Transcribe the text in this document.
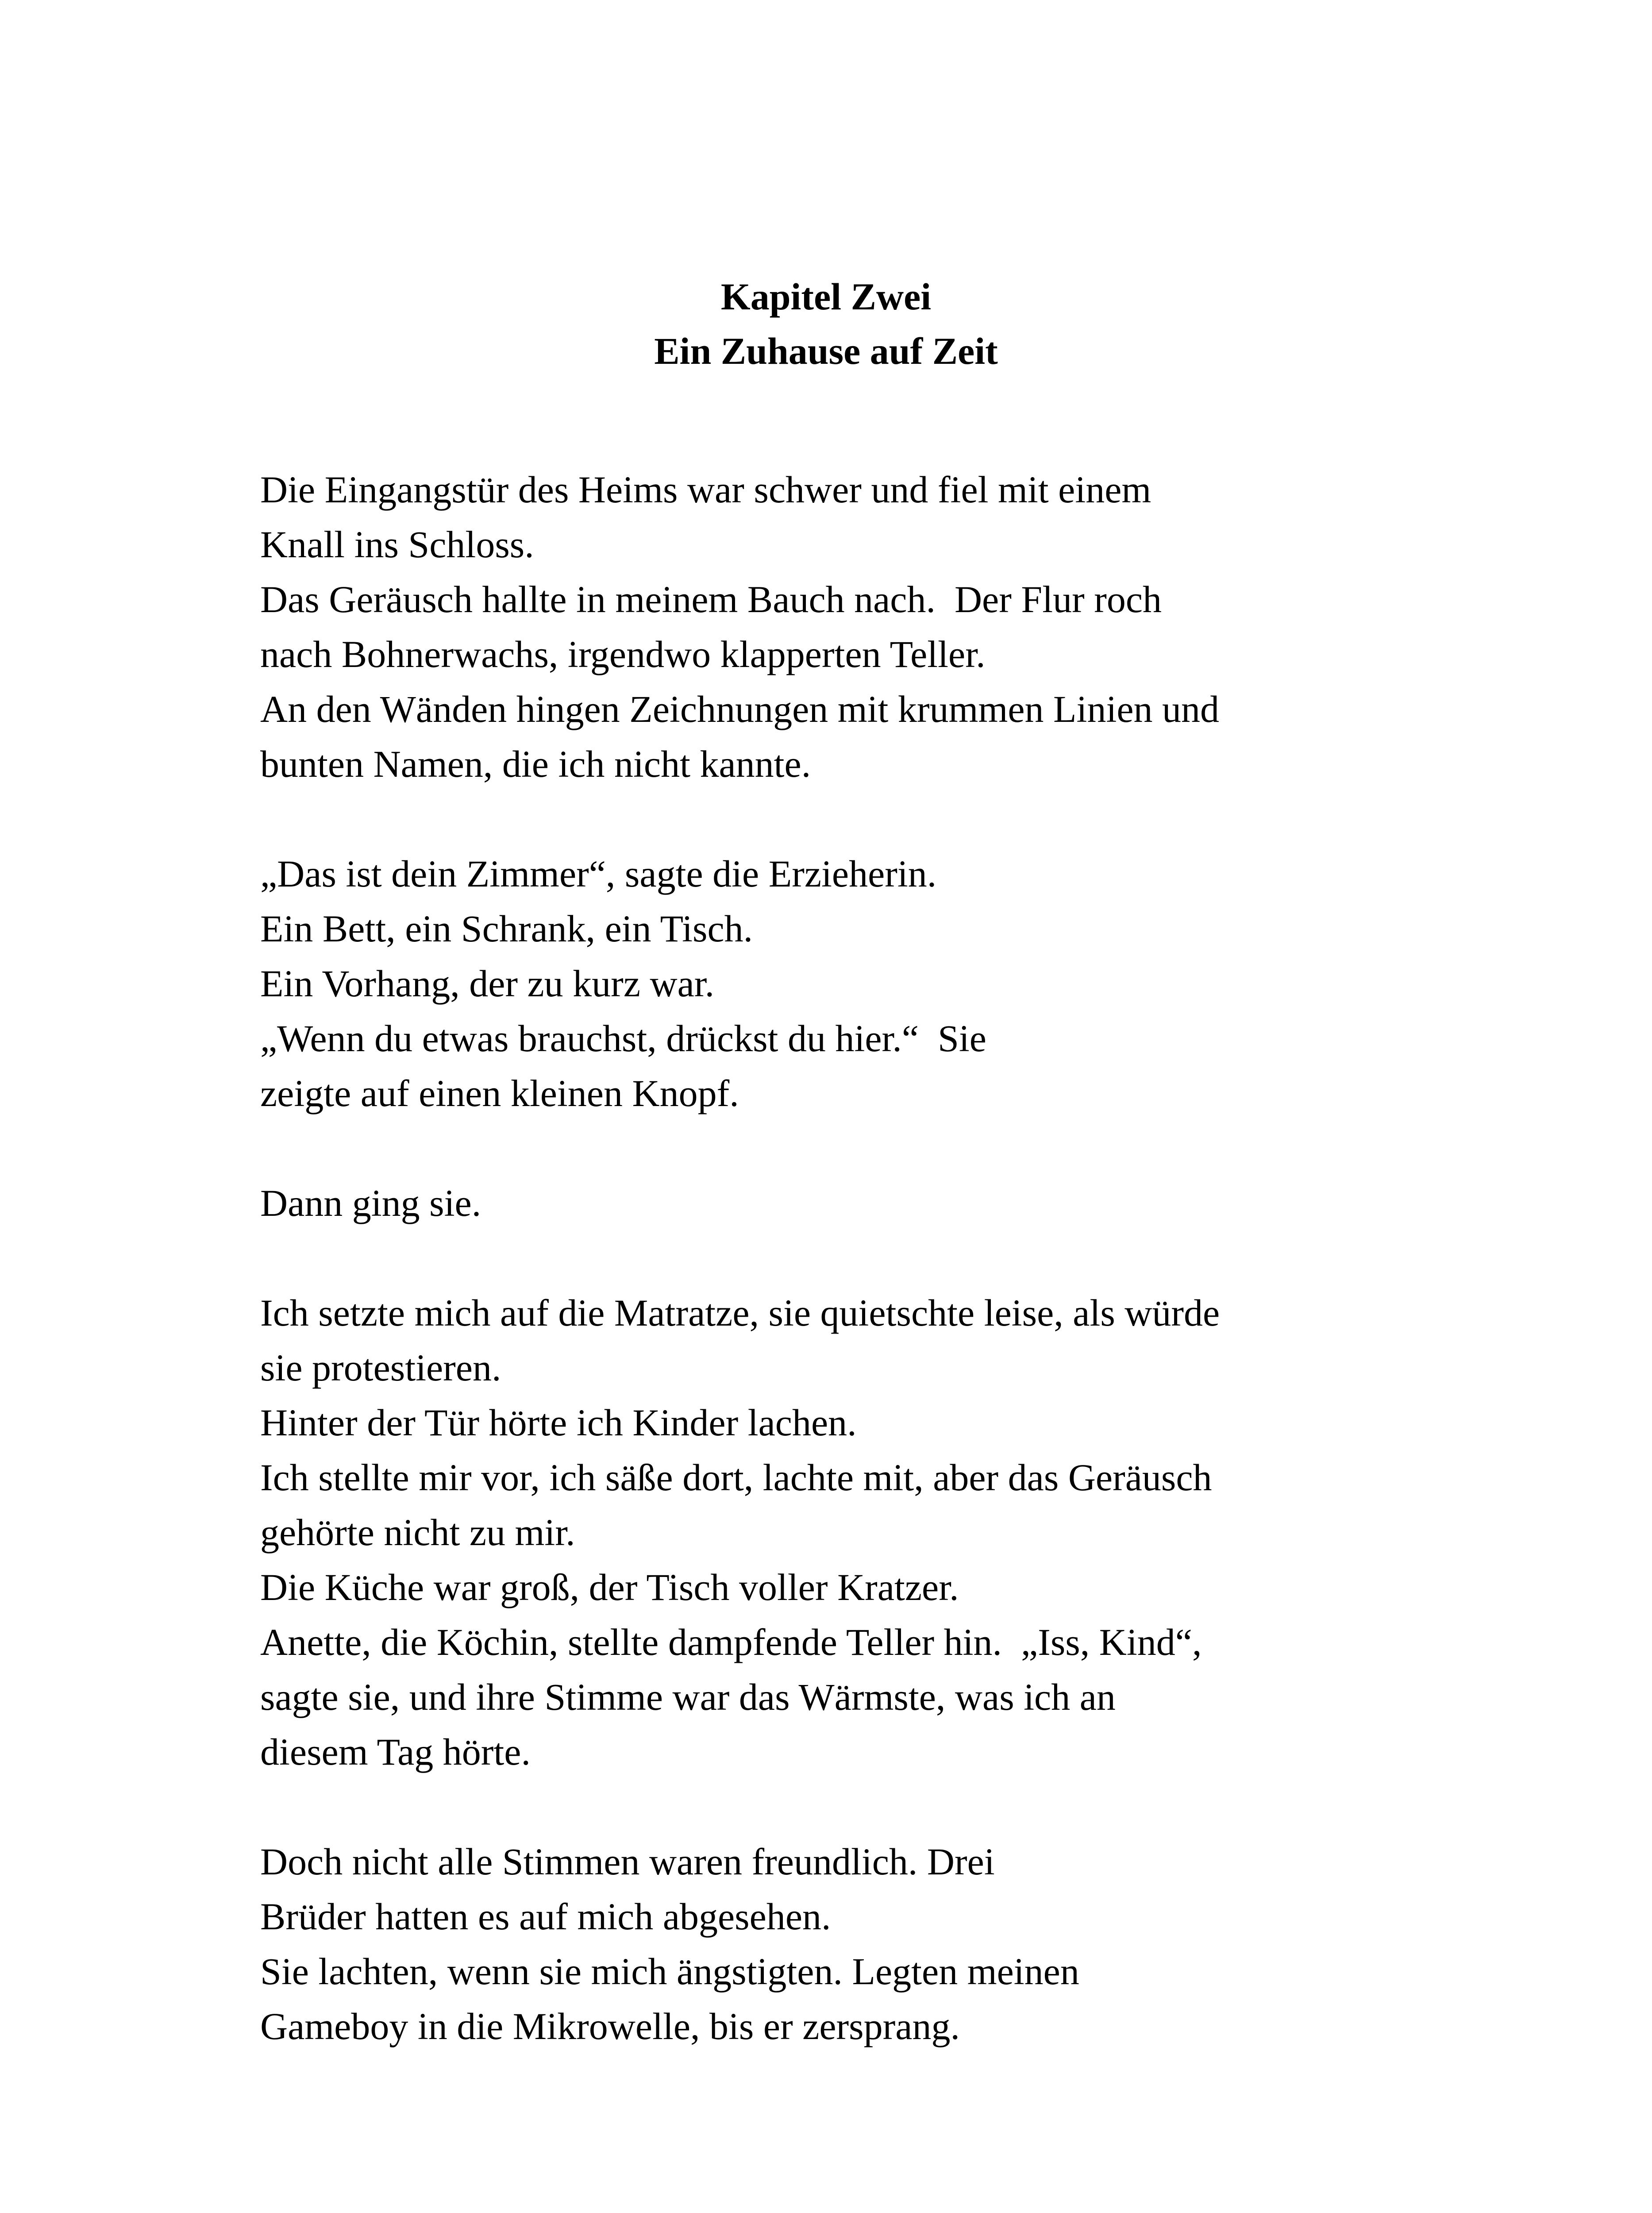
Kapitel Zwei
Ein Zuhause auf Zeit
Die Eingangstür des Heims war schwer und fiel mit einem
Knall ins Schloss.
Das Geräusch hallte in meinem Bauch nach.  Der Flur roch
nach Bohnerwachs, irgendwo klapperten Teller.
An den Wänden hingen Zeichnungen mit krummen Linien und
bunten Namen, die ich nicht kannte.
„Das ist dein Zimmer“, sagte die Erzieherin.
Ein Bett, ein Schrank, ein Tisch.
Ein Vorhang, der zu kurz war.
„Wenn du etwas brauchst, drückst du hier.“  Sie
zeigte auf einen kleinen Knopf.
Dann ging sie.
Ich setzte mich auf die Matratze, sie quietschte leise, als würde
sie protestieren.
Hinter der Tür hörte ich Kinder lachen.
Ich stellte mir vor, ich säße dort, lachte mit, aber das Geräusch
gehörte nicht zu mir.
Die Küche war groß, der Tisch voller Kratzer.
Anette, die Köchin, stellte dampfende Teller hin.  „Iss, Kind“,
sagte sie, und ihre Stimme war das Wärmste, was ich an
diesem Tag hörte.
Doch nicht alle Stimmen waren freundlich. Drei
Brüder hatten es auf mich abgesehen.
Sie lachten, wenn sie mich ängstigten. Legten meinen
Gameboy in die Mikrowelle, bis er zersprang.
